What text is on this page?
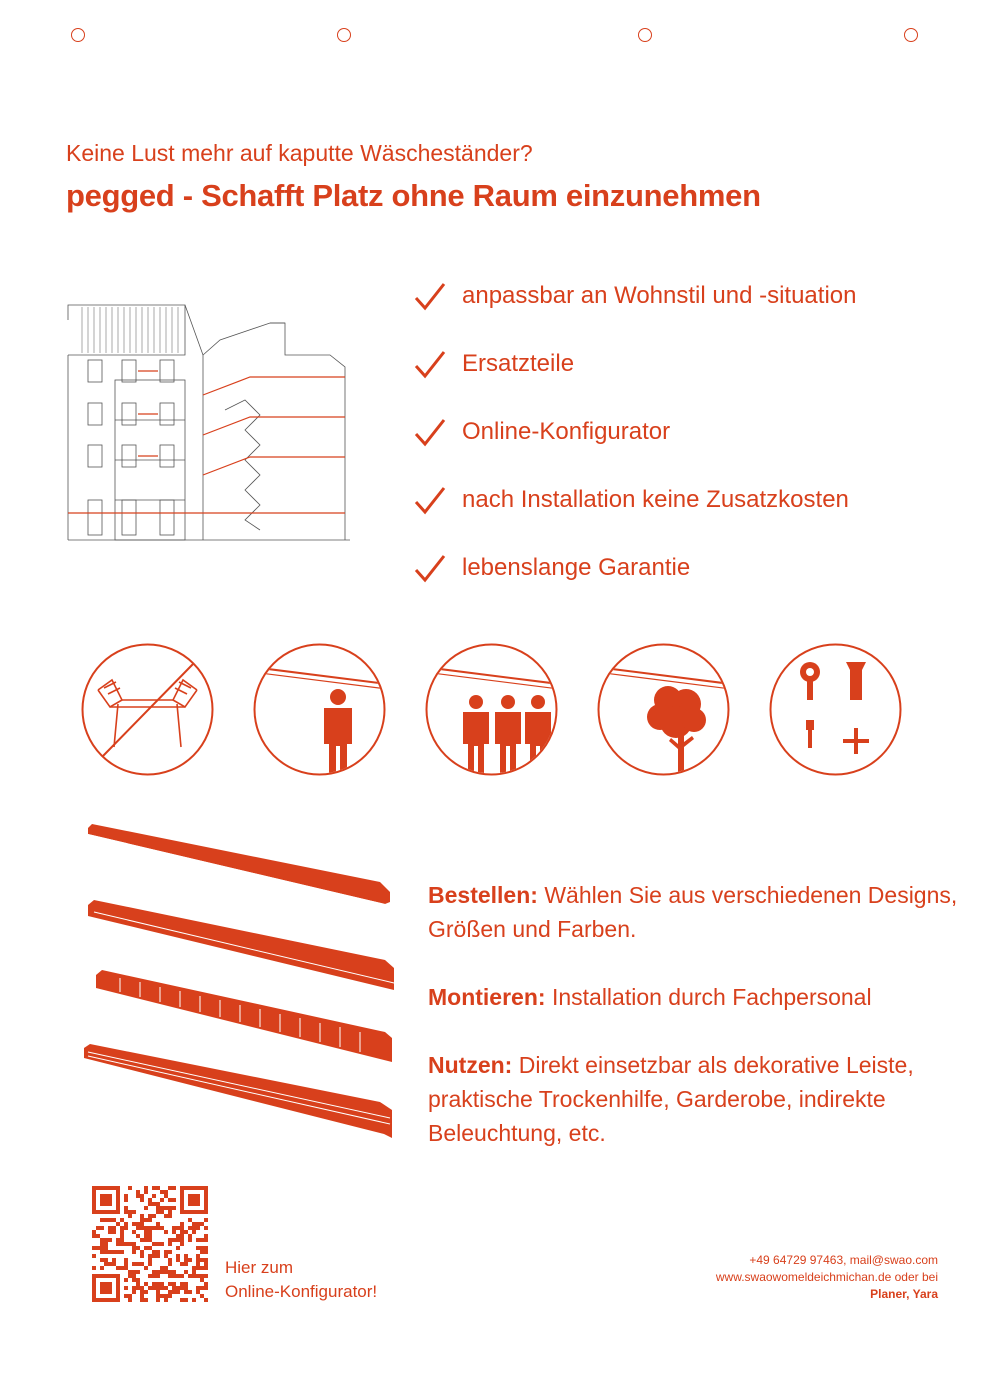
Keine Lust mehr auf kaputte Wäscheständer?
pegged - Schafft Platz ohne Raum einzunehmen
anpassbar an Wohnstil und -situation
Ersatzteile
Online-Konfigurator
nach Installation keine Zusatzkosten
lebenslange Garantie
Bestellen: Wählen Sie aus verschiedenen Designs, Größen und Farben.
Montieren: Installation durch Fachpersonal
Nutzen: Direkt einsetzbar als dekorative Leiste, praktische Trockenhilfe, Garderobe, indirekte Beleuchtung, etc.
Hier zum
Online-Konfigurator!
+49 64729 97463, mail@swao.com
www.swaowomeldeichmichan.de oder bei
Planer, Yara
